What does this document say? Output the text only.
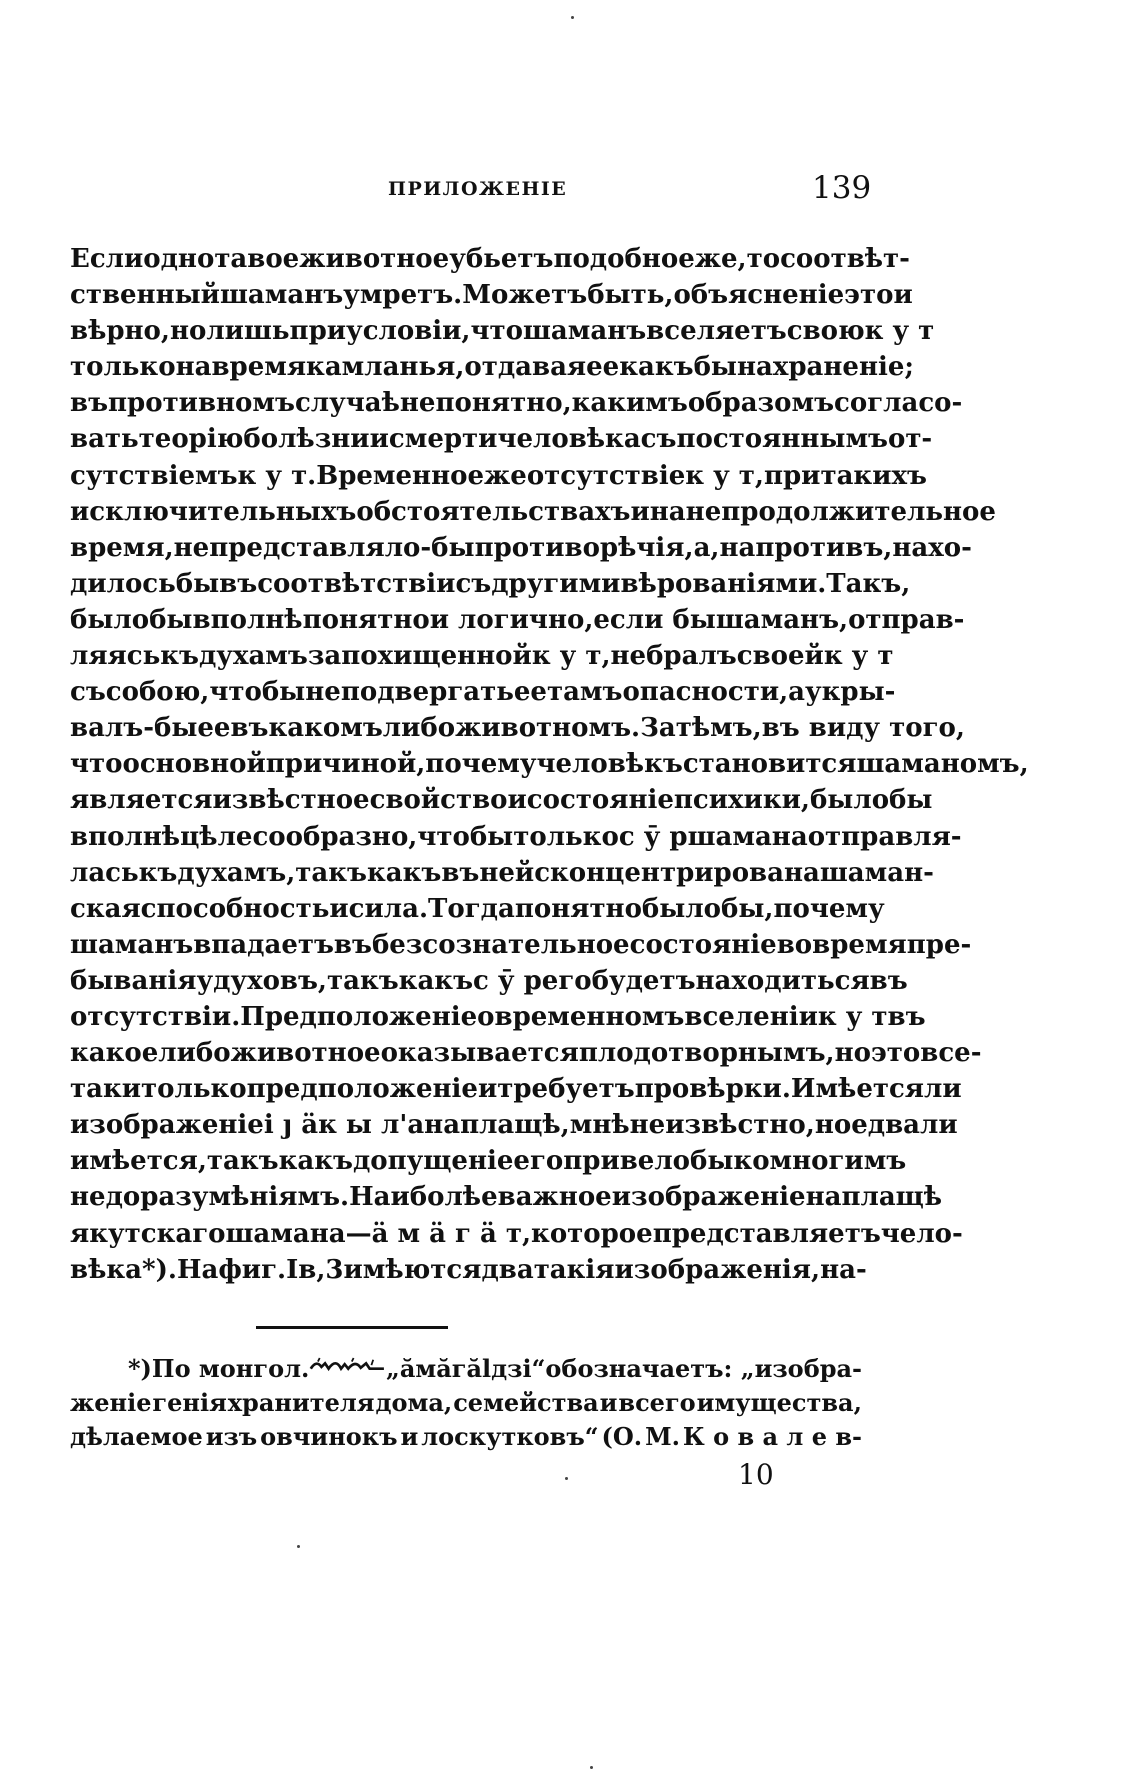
ПРИЛОЖЕНІЕ	139
Если одно тавое животное убьетъ подобное же, то соотвѣт-
ственный шаманъ умретъ. Можетъ быть, объясненіе это и
вѣрно, но лишь при условіи, что шаманъ вселяетъ свою к у т
только на время камланья, отдавая ее какъ бы на храненіе;
въ противномъ случаѣ непонятно, какимъ образомъ согласо-
вать теорію болѣзни и смерти человѣка съ постояннымъ от-
сутствіемъ к у т. Временное же отсутствіе к у т, при такихъ
исключительныхъ обстоятельствахъ и на непродолжительное
время, не представляло-бы противорѣчія, а, напротивъ, нахо-
дилось бы въ соотвѣтствіи съ другими вѣрованіями. Такъ,
было бы вполнѣ понятно и логично, если бы шаманъ, отправ-
ляясь къ духамъ за похищенной к у т, не бралъ своей к у т
съ собою, чтобы не подвергать ее тамъ опасности, а укры-
валъ-бы ее въ какомъ либо животномъ. Затѣмъ, въ виду того,
что основной причиной, почему человѣкъ становится шаманомъ,
является извѣстное свойство и состояніе психики, было бы
вполнѣ цѣлесообразно, чтобы только с ӯ р шамана отправля-
лась къ духамъ, такъ какъ въ ней сконцентрирована шаман-
ская способность и сила. Тогда понятно было бы, почему
шаманъ впадаетъ въ безсознательное состояніе во время пре-
быванія у духовъ, такъ какъ с ӯ р его будетъ находиться въ
отсутствіи. Предположеніе о временномъ вселеніи к у т въ
какое либо животное оказывается плодотворнымъ, но это все-
таки только предположеніе и требуетъ провѣрки. Имѣется ли
изображеніе і ȷ ӓ к ы л'а на плащѣ, мнѣ не извѣстно, но едва ли
имѣется, такъ какъ допущеніе его привело бы ко многимъ
недоразумѣніямъ. Наиболѣе важное изображеніе на плащѣ
якутскаго шамана—ӓ м ӓ г ӓ т, которое представляетъ чело-
вѣка *). На фиг. I в,3 имѣются два такія изображенія, на-
*) По монгол.	„ӑмӑгӑlдзі“ обозначаетъ: „изобра-
женіе генія хранителя дома, семейства и всего имущества,
дѣлаемое изъ овчинокъ и лоскутковъ“ (О. М. К о в а л е в-
10
